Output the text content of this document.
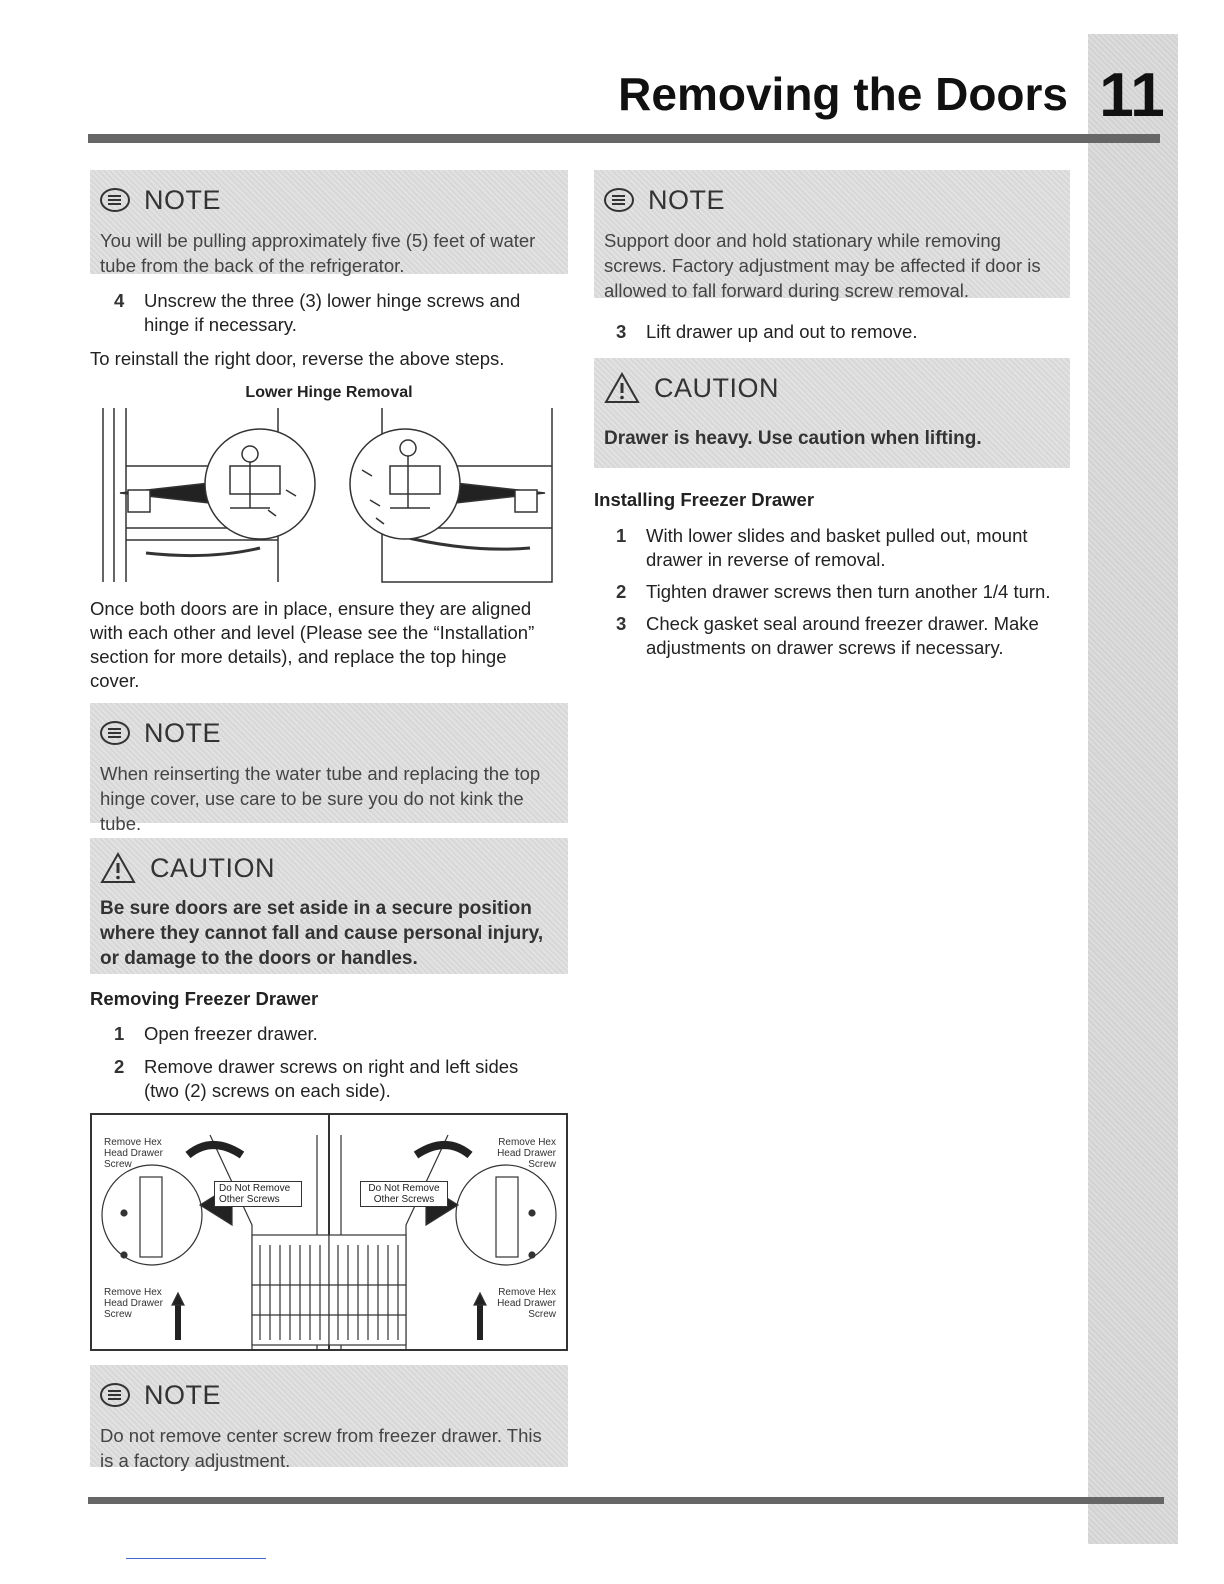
11
Removing the Doors
NOTE
You will be pulling approximately five (5) feet of water tube from the back of the refrigerator.
4	Unscrew the three (3) lower hinge screws and hinge if necessary.
To reinstall the right door, reverse the above steps.
Lower Hinge Removal
Once both doors are in place, ensure they are aligned with each other and level (Please see the “Installation” section for more details), and replace the top hinge cover.
NOTE
When reinserting the water tube and replacing the top hinge cover, use care to be sure you do not kink the tube.
CAUTION
Be sure doors are set aside in a secure position where they cannot fall and cause personal injury, or damage to the doors or handles.
Removing Freezer Drawer
1	Open freezer drawer.
2	Remove drawer screws on right and left sides (two (2) screws on each side).
Remove Hex Head Drawer Screw
Remove Hex Head Drawer Screw
Remove Hex Head Drawer Screw
Remove Hex Head Drawer Screw
Do Not Remove Other Screws
Do Not Remove Other Screws
NOTE
Do not remove center screw from freezer drawer. This is a factory adjustment.
NOTE
Support door and hold stationary while removing screws. Factory adjustment may be affected if door is allowed to fall forward during screw removal.
3	Lift drawer up and out to remove.
CAUTION
Drawer is heavy. Use caution when lifting.
Installing Freezer Drawer
1	With lower slides and basket pulled out, mount drawer in reverse of removal.
2	Tighten drawer screws then turn another 1/4 turn.
3	Check gasket seal around freezer drawer. Make adjustments on drawer screws if necessary.
